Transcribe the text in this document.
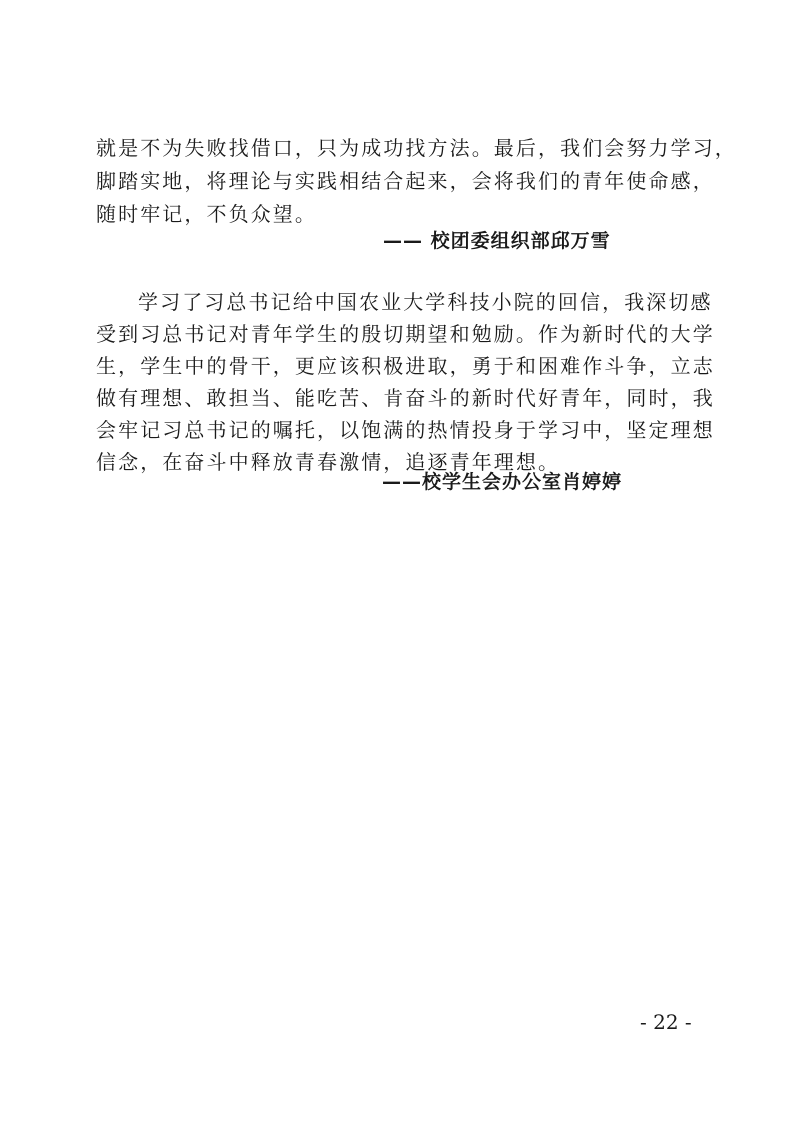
就是不为失败找借口，只为成功找方法。最后，我们会努力学习，
脚踏实地，将理论与实践相结合起来，会将我们的青年使命感，
随时牢记，不负众望。
—— 校团委组织部邱万雪
学习了习总书记给中国农业大学科技小院的回信，我深切感
受到习总书记对青年学生的殷切期望和勉励。作为新时代的大学
生，学生中的骨干，更应该积极进取，勇于和困难作斗争，立志
做有理想、敢担当、能吃苦、肯奋斗的新时代好青年，同时，我
会牢记习总书记的嘱托，以饱满的热情投身于学习中，坚定理想
信念，在奋斗中释放青春激情，追逐青年理想。
——校学生会办公室肖婷婷
- 22 -
